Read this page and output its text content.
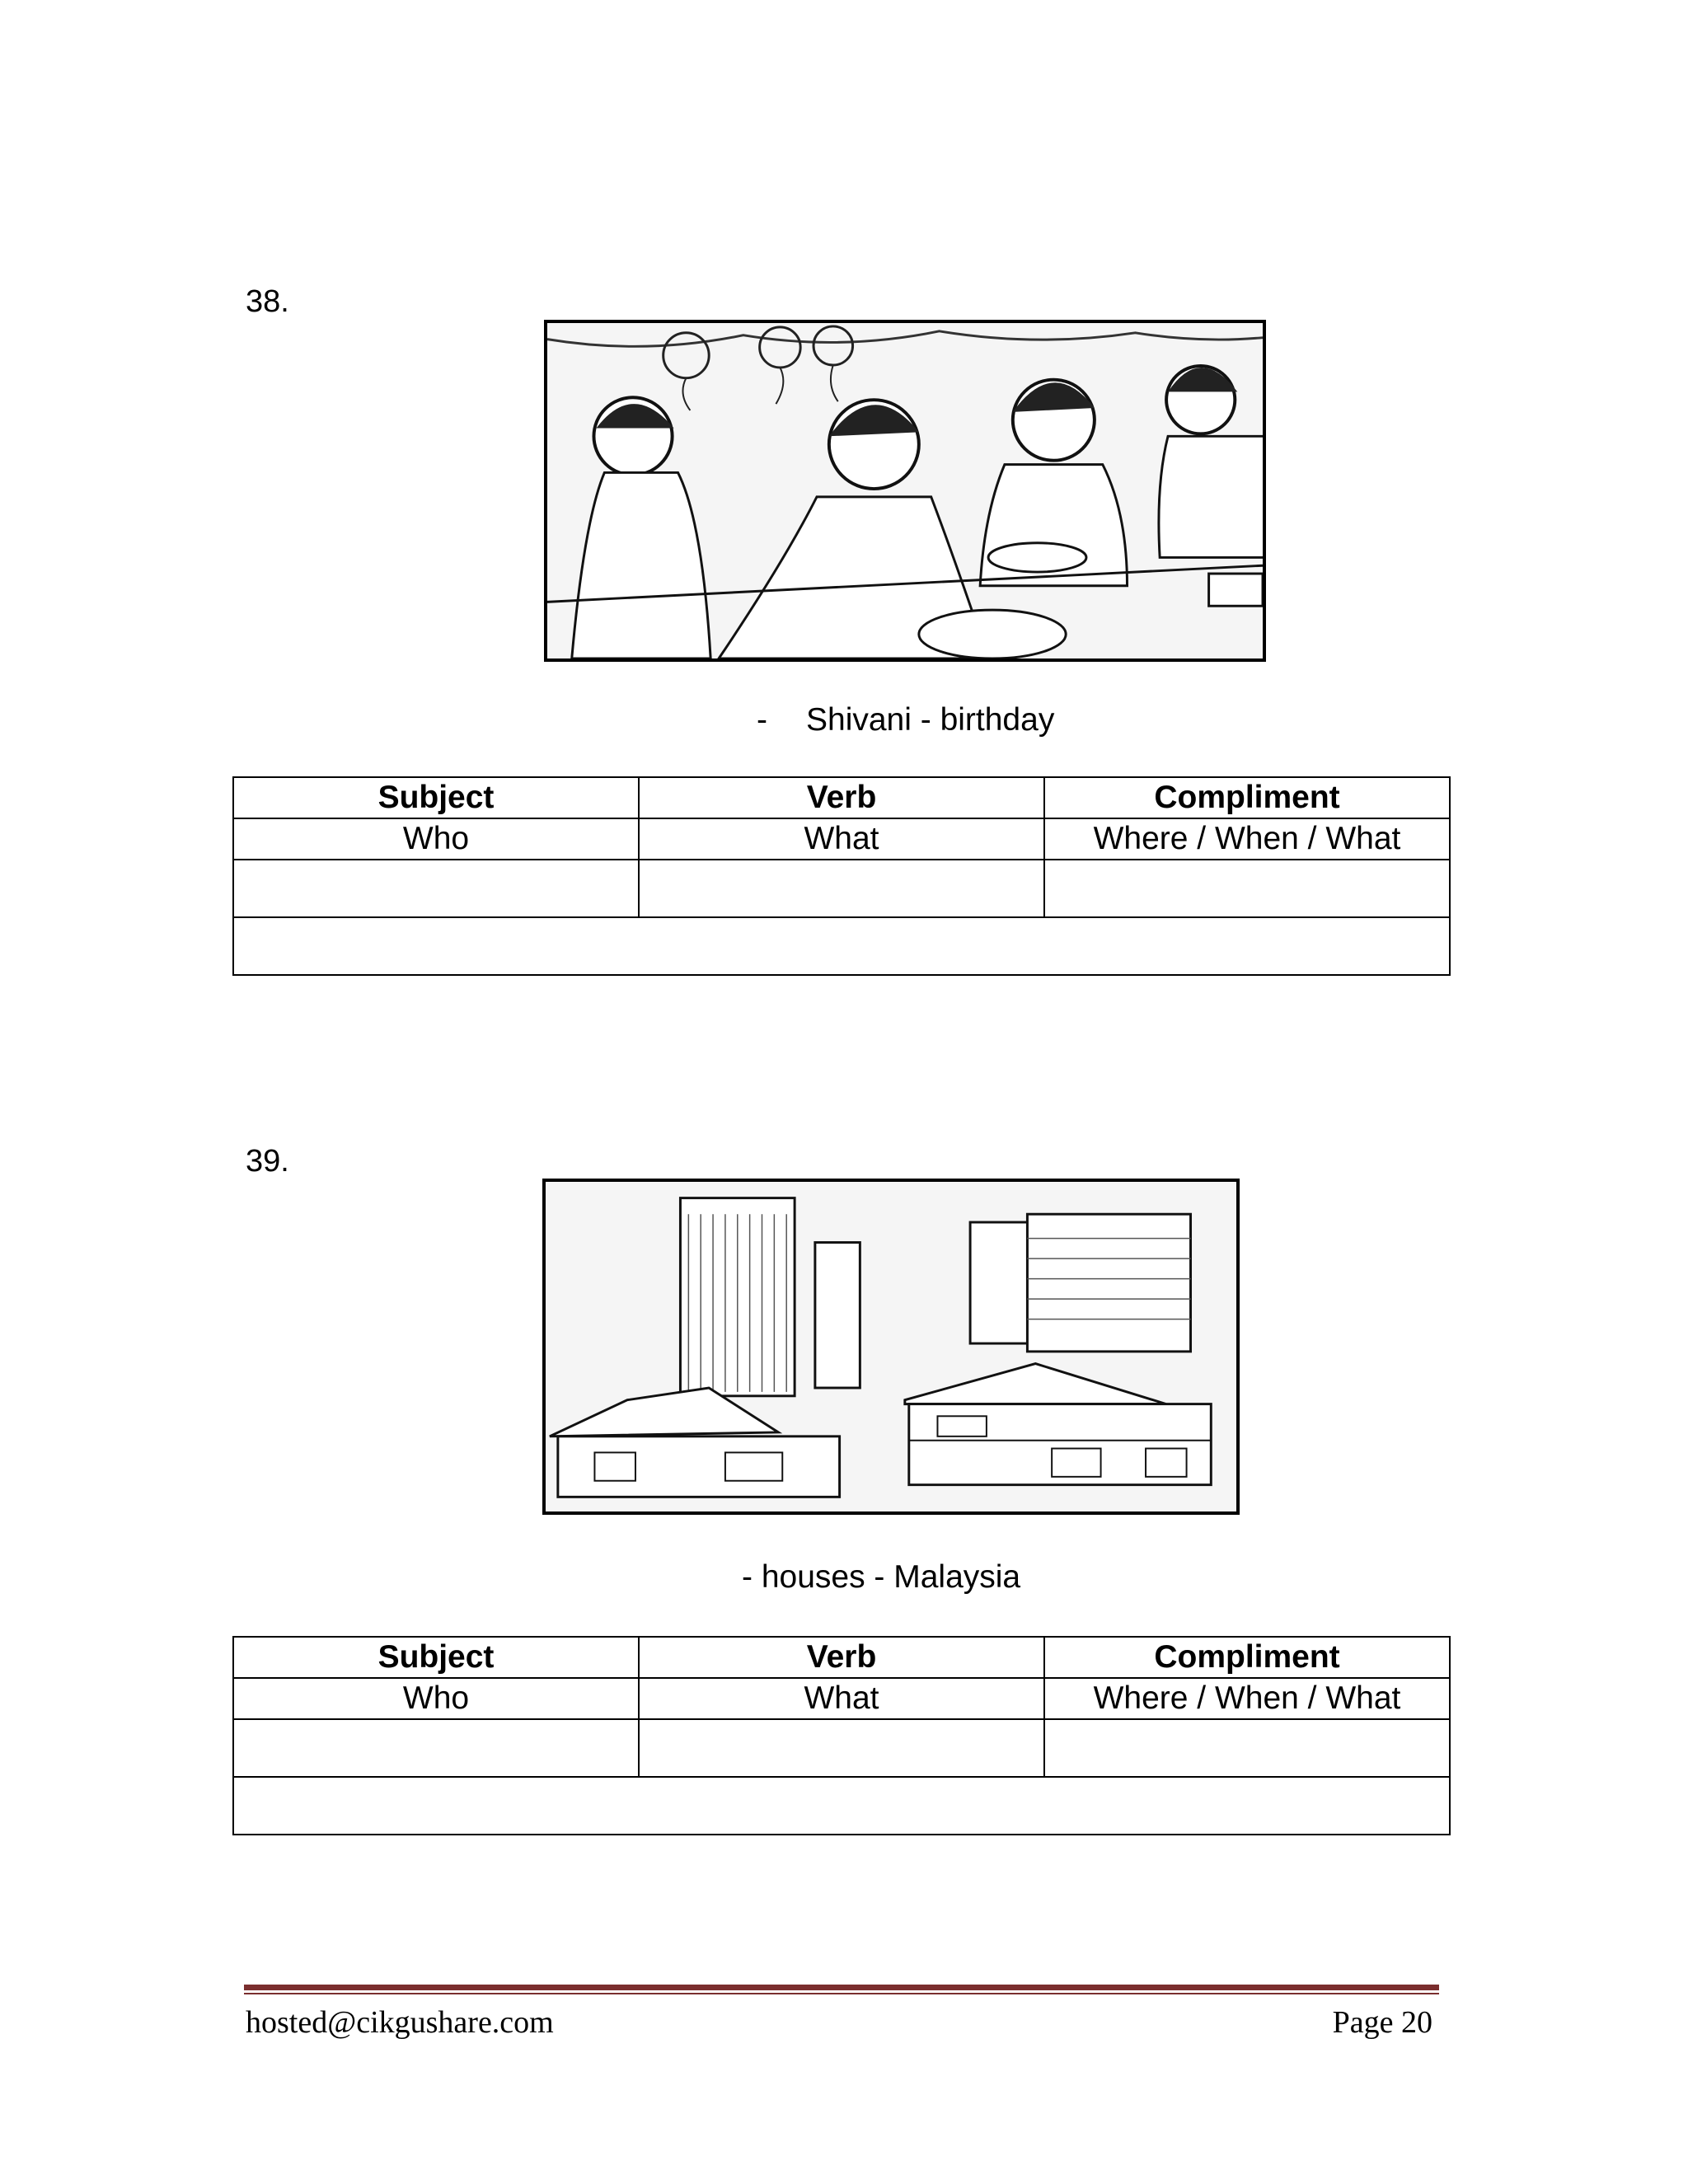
38.
- Shivani - birthday
Subject	Verb	Compliment
Who	What	Where / When / What

39.
- houses - Malaysia
Subject	Verb	Compliment
Who	What	Where / When / What

hosted@cikgushare.com	Page 20
